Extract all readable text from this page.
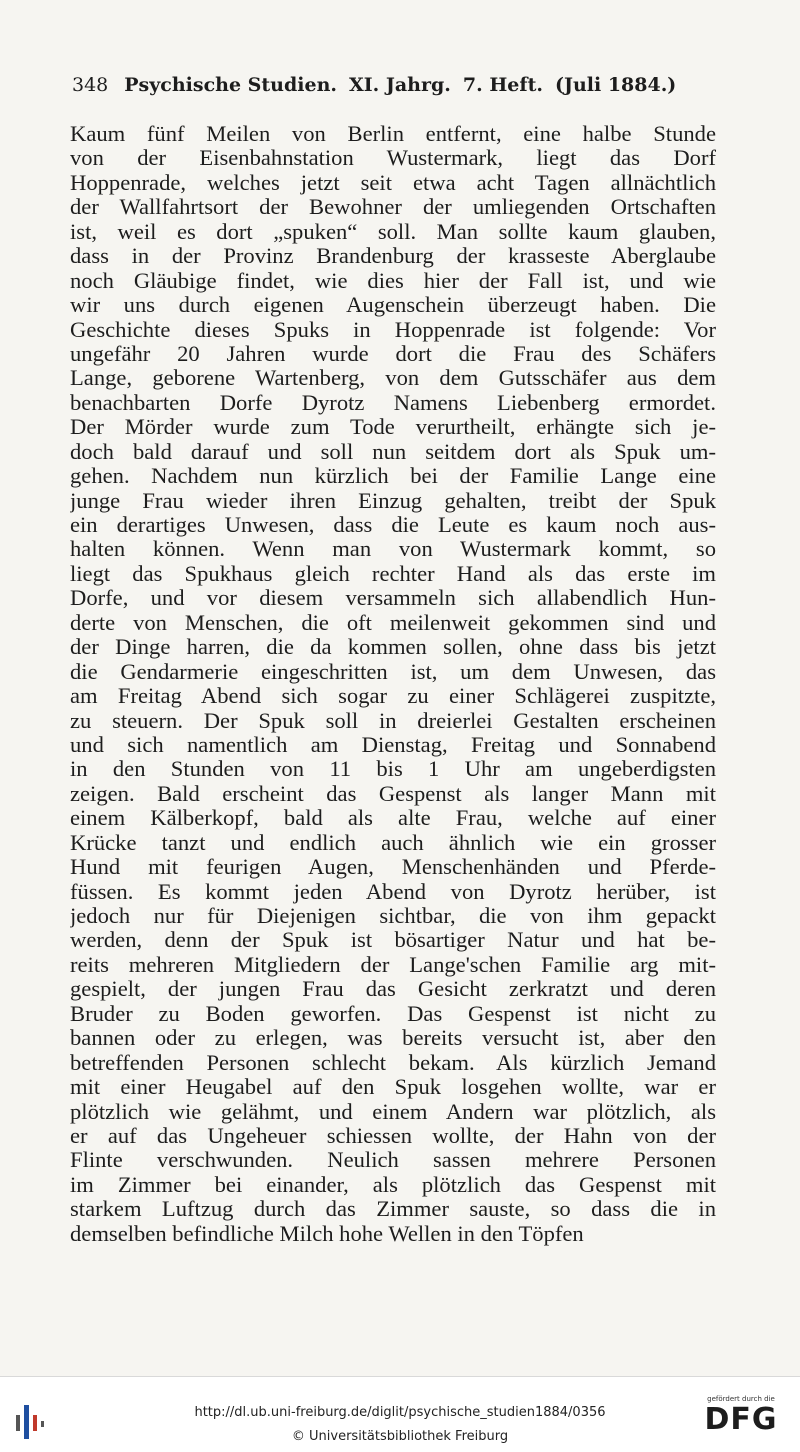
348 Psychische Studien. XI. Jahrg. 7. Heft. (Juli 1884.)
Kaum fünf Meilen von Berlin entfernt, eine halbe Stunde
von der Eisenbahnstation Wustermark, liegt das Dorf
Hoppenrade, welches jetzt seit etwa acht Tagen allnächtlich
der Wallfahrtsort der Bewohner der umliegenden Ortschaften
ist, weil es dort „spuken“ soll. Man sollte kaum glauben,
dass in der Provinz Brandenburg der krasseste Aberglaube
noch Gläubige findet, wie dies hier der Fall ist, und wie
wir uns durch eigenen Augenschein überzeugt haben. Die
Geschichte dieses Spuks in Hoppenrade ist folgende: Vor
ungefähr 20 Jahren wurde dort die Frau des Schäfers
Lange, geborene Wartenberg, von dem Gutsschäfer aus dem
benachbarten Dorfe Dyrotz Namens Liebenberg ermordet.
Der Mörder wurde zum Tode verurtheilt, erhängte sich je-
doch bald darauf und soll nun seitdem dort als Spuk um-
gehen. Nachdem nun kürzlich bei der Familie Lange eine
junge Frau wieder ihren Einzug gehalten, treibt der Spuk
ein derartiges Unwesen, dass die Leute es kaum noch aus-
halten können. Wenn man von Wustermark kommt, so
liegt das Spukhaus gleich rechter Hand als das erste im
Dorfe, und vor diesem versammeln sich allabendlich Hun-
derte von Menschen, die oft meilenweit gekommen sind und
der Dinge harren, die da kommen sollen, ohne dass bis jetzt
die Gendarmerie eingeschritten ist, um dem Unwesen, das
am Freitag Abend sich sogar zu einer Schlägerei zuspitzte,
zu steuern. Der Spuk soll in dreierlei Gestalten erscheinen
und sich namentlich am Dienstag, Freitag und Sonnabend
in den Stunden von 11 bis 1 Uhr am ungeberdigsten
zeigen. Bald erscheint das Gespenst als langer Mann mit
einem Kälberkopf, bald als alte Frau, welche auf einer
Krücke tanzt und endlich auch ähnlich wie ein grosser
Hund mit feurigen Augen, Menschenhänden und Pferde-
füssen. Es kommt jeden Abend von Dyrotz herüber, ist
jedoch nur für Diejenigen sichtbar, die von ihm gepackt
werden, denn der Spuk ist bösartiger Natur und hat be-
reits mehreren Mitgliedern der Lange'schen Familie arg mit-
gespielt, der jungen Frau das Gesicht zerkratzt und deren
Bruder zu Boden geworfen. Das Gespenst ist nicht zu
bannen oder zu erlegen, was bereits versucht ist, aber den
betreffenden Personen schlecht bekam. Als kürzlich Jemand
mit einer Heugabel auf den Spuk losgehen wollte, war er
plötzlich wie gelähmt, und einem Andern war plötzlich, als
er auf das Ungeheuer schiessen wollte, der Hahn von der
Flinte verschwunden. Neulich sassen mehrere Personen
im Zimmer bei einander, als plötzlich das Gespenst mit
starkem Luftzug durch das Zimmer sauste, so dass die in
demselben befindliche Milch hohe Wellen in den Töpfen
http://dl.ub.uni-freiburg.de/diglit/psychische_studien1884/0356
© Universitätsbibliothek Freiburg
gefördert durch die
DFG
